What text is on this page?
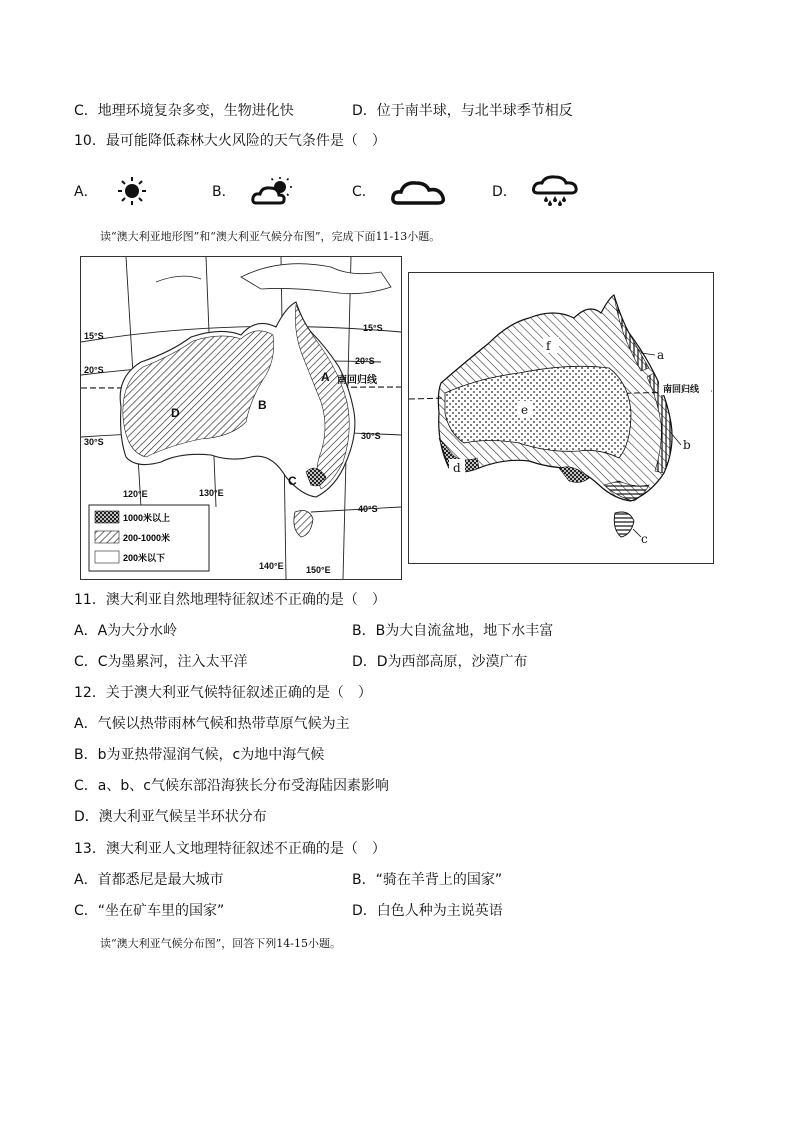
C．地理环境复杂多变，生物进化快	D．位于南半球，与北半球季节相反
10．最可能降低森林大火风险的天气条件是（　）
A．	B．	C．	D．
读“澳大利亚地形图”和“澳大利亚气候分布图”，完成下面11-13小题。
A
B
C
D
15°S
15°S
20°S
20°S
30°S
30°S
40°S
120°E	130°E
140°E 150°E
南回归线
1000米以上
200-1000米
200米以下
f
e
d
a
b
c
南回归线
11．澳大利亚自然地理特征叙述不正确的是（　）
A．A为大分水岭	B．B为大自流盆地，地下水丰富
C．C为墨累河，注入太平洋	D．D为西部高原，沙漠广布
12．关于澳大利亚气候特征叙述正确的是（　）
A．气候以热带雨林气候和热带草原气候为主
B．b为亚热带湿润气候，c为地中海气候
C．a、b、c气候东部沿海狭长分布受海陆因素影响
D．澳大利亚气候呈半环状分布
13．澳大利亚人文地理特征叙述不正确的是（　）
A．首都悉尼是最大城市	B．“骑在羊背上的国家”
C．“坐在矿车里的国家”	D．白色人种为主说英语
读“澳大利亚气候分布图”，回答下列14-15小题。
